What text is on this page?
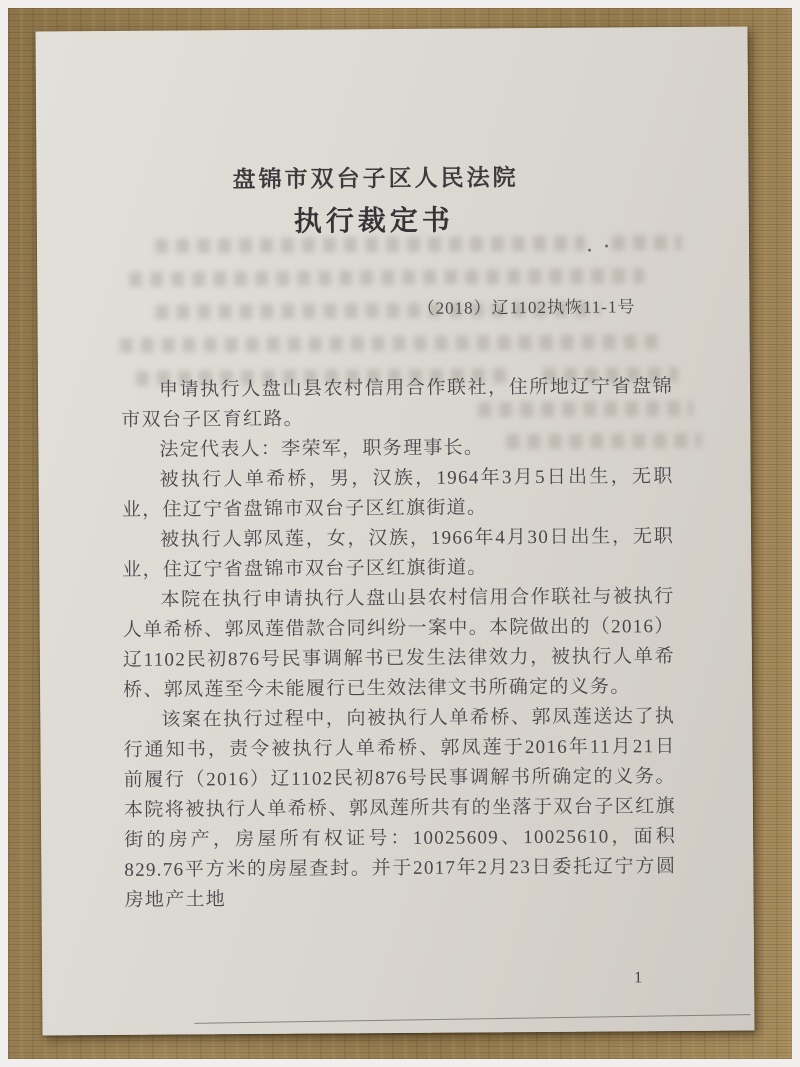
盘锦市双台子区人民法院
执行裁定书
（2018）辽1102执恢11-1号

申请执行人盘山县农村信用合作联社，住所地辽宁省盘锦市双台子区育红路。

法定代表人：李荣军，职务理事长。

被执行人单希桥，男，汉族，1964年3月5日出生，无职业，住辽宁省盘锦市双台子区红旗街道。

被执行人郭凤莲，女，汉族，1966年4月30日出生，无职业，住辽宁省盘锦市双台子区红旗街道。

本院在执行申请执行人盘山县农村信用合作联社与被执行人单希桥、郭凤莲借款合同纠纷一案中。本院做出的（2016）辽1102民初876号民事调解书已发生法律效力，被执行人单希桥、郭凤莲至今未能履行已生效法律文书所确定的义务。

该案在执行过程中，向被执行人单希桥、郭凤莲送达了执行通知书，责令被执行人单希桥、郭凤莲于2016年11月21日前履行（2016）辽1102民初876号民事调解书所确定的义务。本院将被执行人单希桥、郭凤莲所共有的坐落于双台子区红旗街的房产，房屋所有权证号：10025609、10025610，面积829.76平方米的房屋查封。并于2017年2月23日委托辽宁方圆房地产土地

1
